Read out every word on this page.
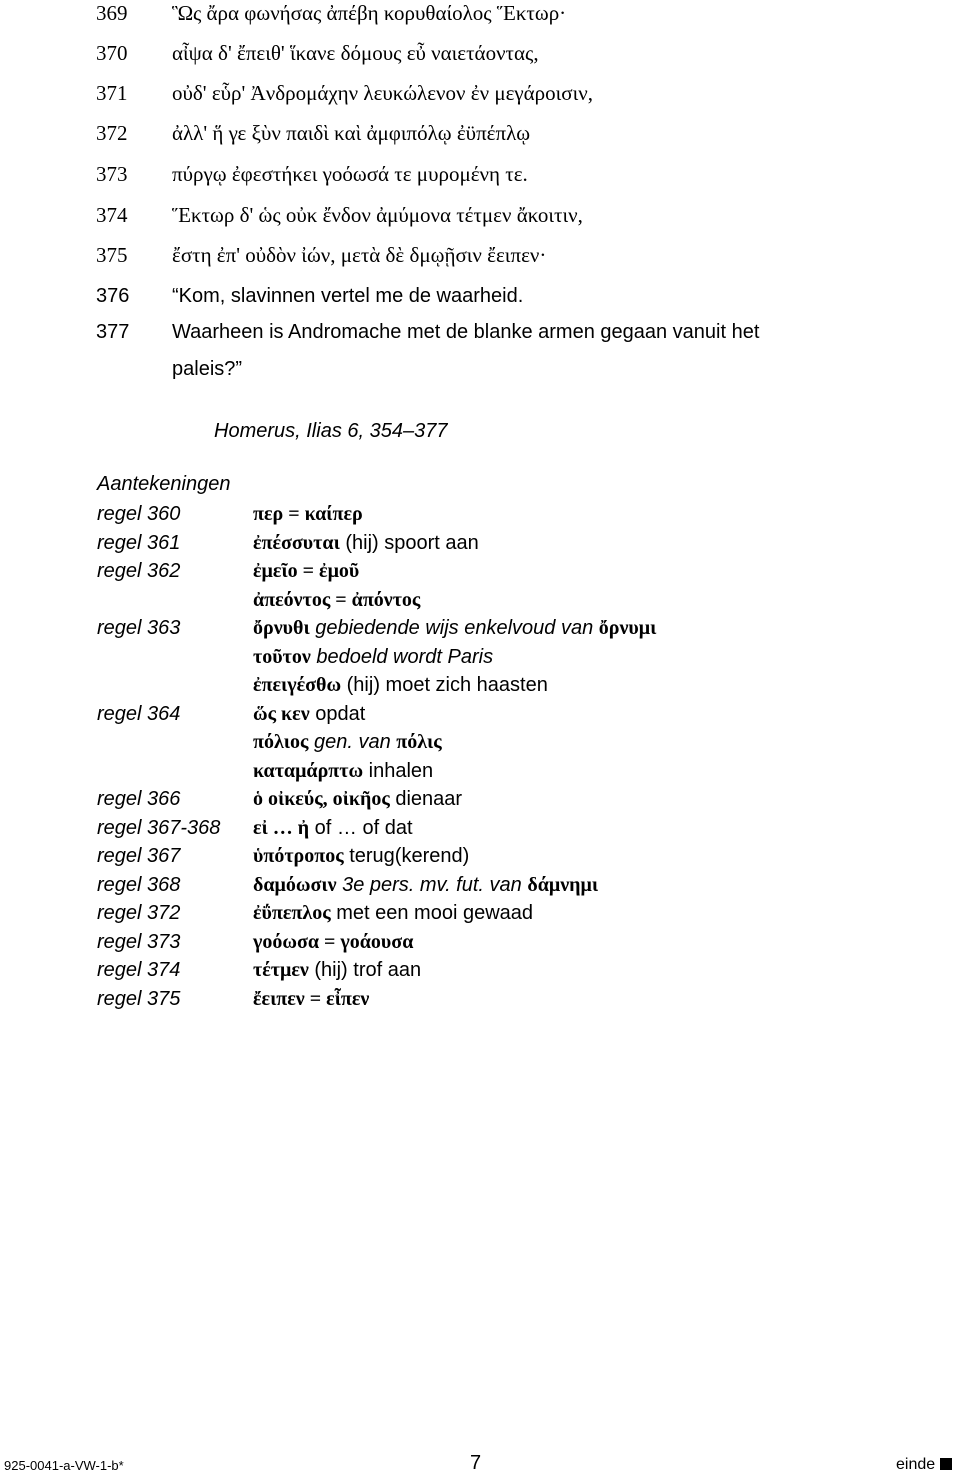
369 Ὣς ἄρα φωνήσας ἀπέβη κορυθαίολος Ἕκτωρ·
370 αἶψα δ' ἔπειθ' ἵκανε δόμους εὖ ναιετάοντας,
371 οὐδ' εὗρ' Ἀνδρομάχην λευκώλενον ἐν μεγάροισιν,
372 ἀλλ' ἥ γε ξὺν παιδὶ καὶ ἀμφιπόλῳ ἐϋπέπλῳ
373 πύργῳ ἐφεστήκει γοόωσά τε μυρομένη τε.
374 Ἕκτωρ δ' ὡς οὐκ ἔνδον ἀμύμονα τέτμεν ἄκοιτιν,
375 ἔστη ἐπ' οὐδὸν ἰών, μετὰ δὲ δμῳῇσιν ἔειπεν·
376 “Kom, slavinnen vertel me de waarheid.
377 Waarheen is Andromache met de blanke armen gegaan vanuit het
paleis?”
Homerus, Ilias 6, 354–377
Aantekeningen
regel 360	περ = καίπερ
regel 361	ἐπέσσυται (hij) spoort aan
regel 362	ἐμεῖο = ἐμοῦ
ἀπεόντος = ἀπόντος
regel 363	ὄρνυθι gebiedende wijs enkelvoud van ὄρνυμι
τοῦτον bedoeld wordt Paris
ἐπειγέσθω (hij) moet zich haasten
regel 364	ὥς κεν opdat
πόλιος gen. van πόλις
καταμάρπτω inhalen
regel 366	ὁ οἰκεύς, οἰκῆος dienaar
regel 367-368 εἰ … ἠ of … of dat
regel 367	ὑπότροπος terug(kerend)
regel 368	δαμόωσιν 3e pers. mv. fut. van δάμνημι
regel 372	ἐΰπεπλος met een mooi gewaad
regel 373	γοόωσα = γοάουσα
regel 374	τέτμεν (hij) trof aan
regel 375	ἔειπεν = εἶπεν
925-0041-a-VW-1-b*	7	einde
